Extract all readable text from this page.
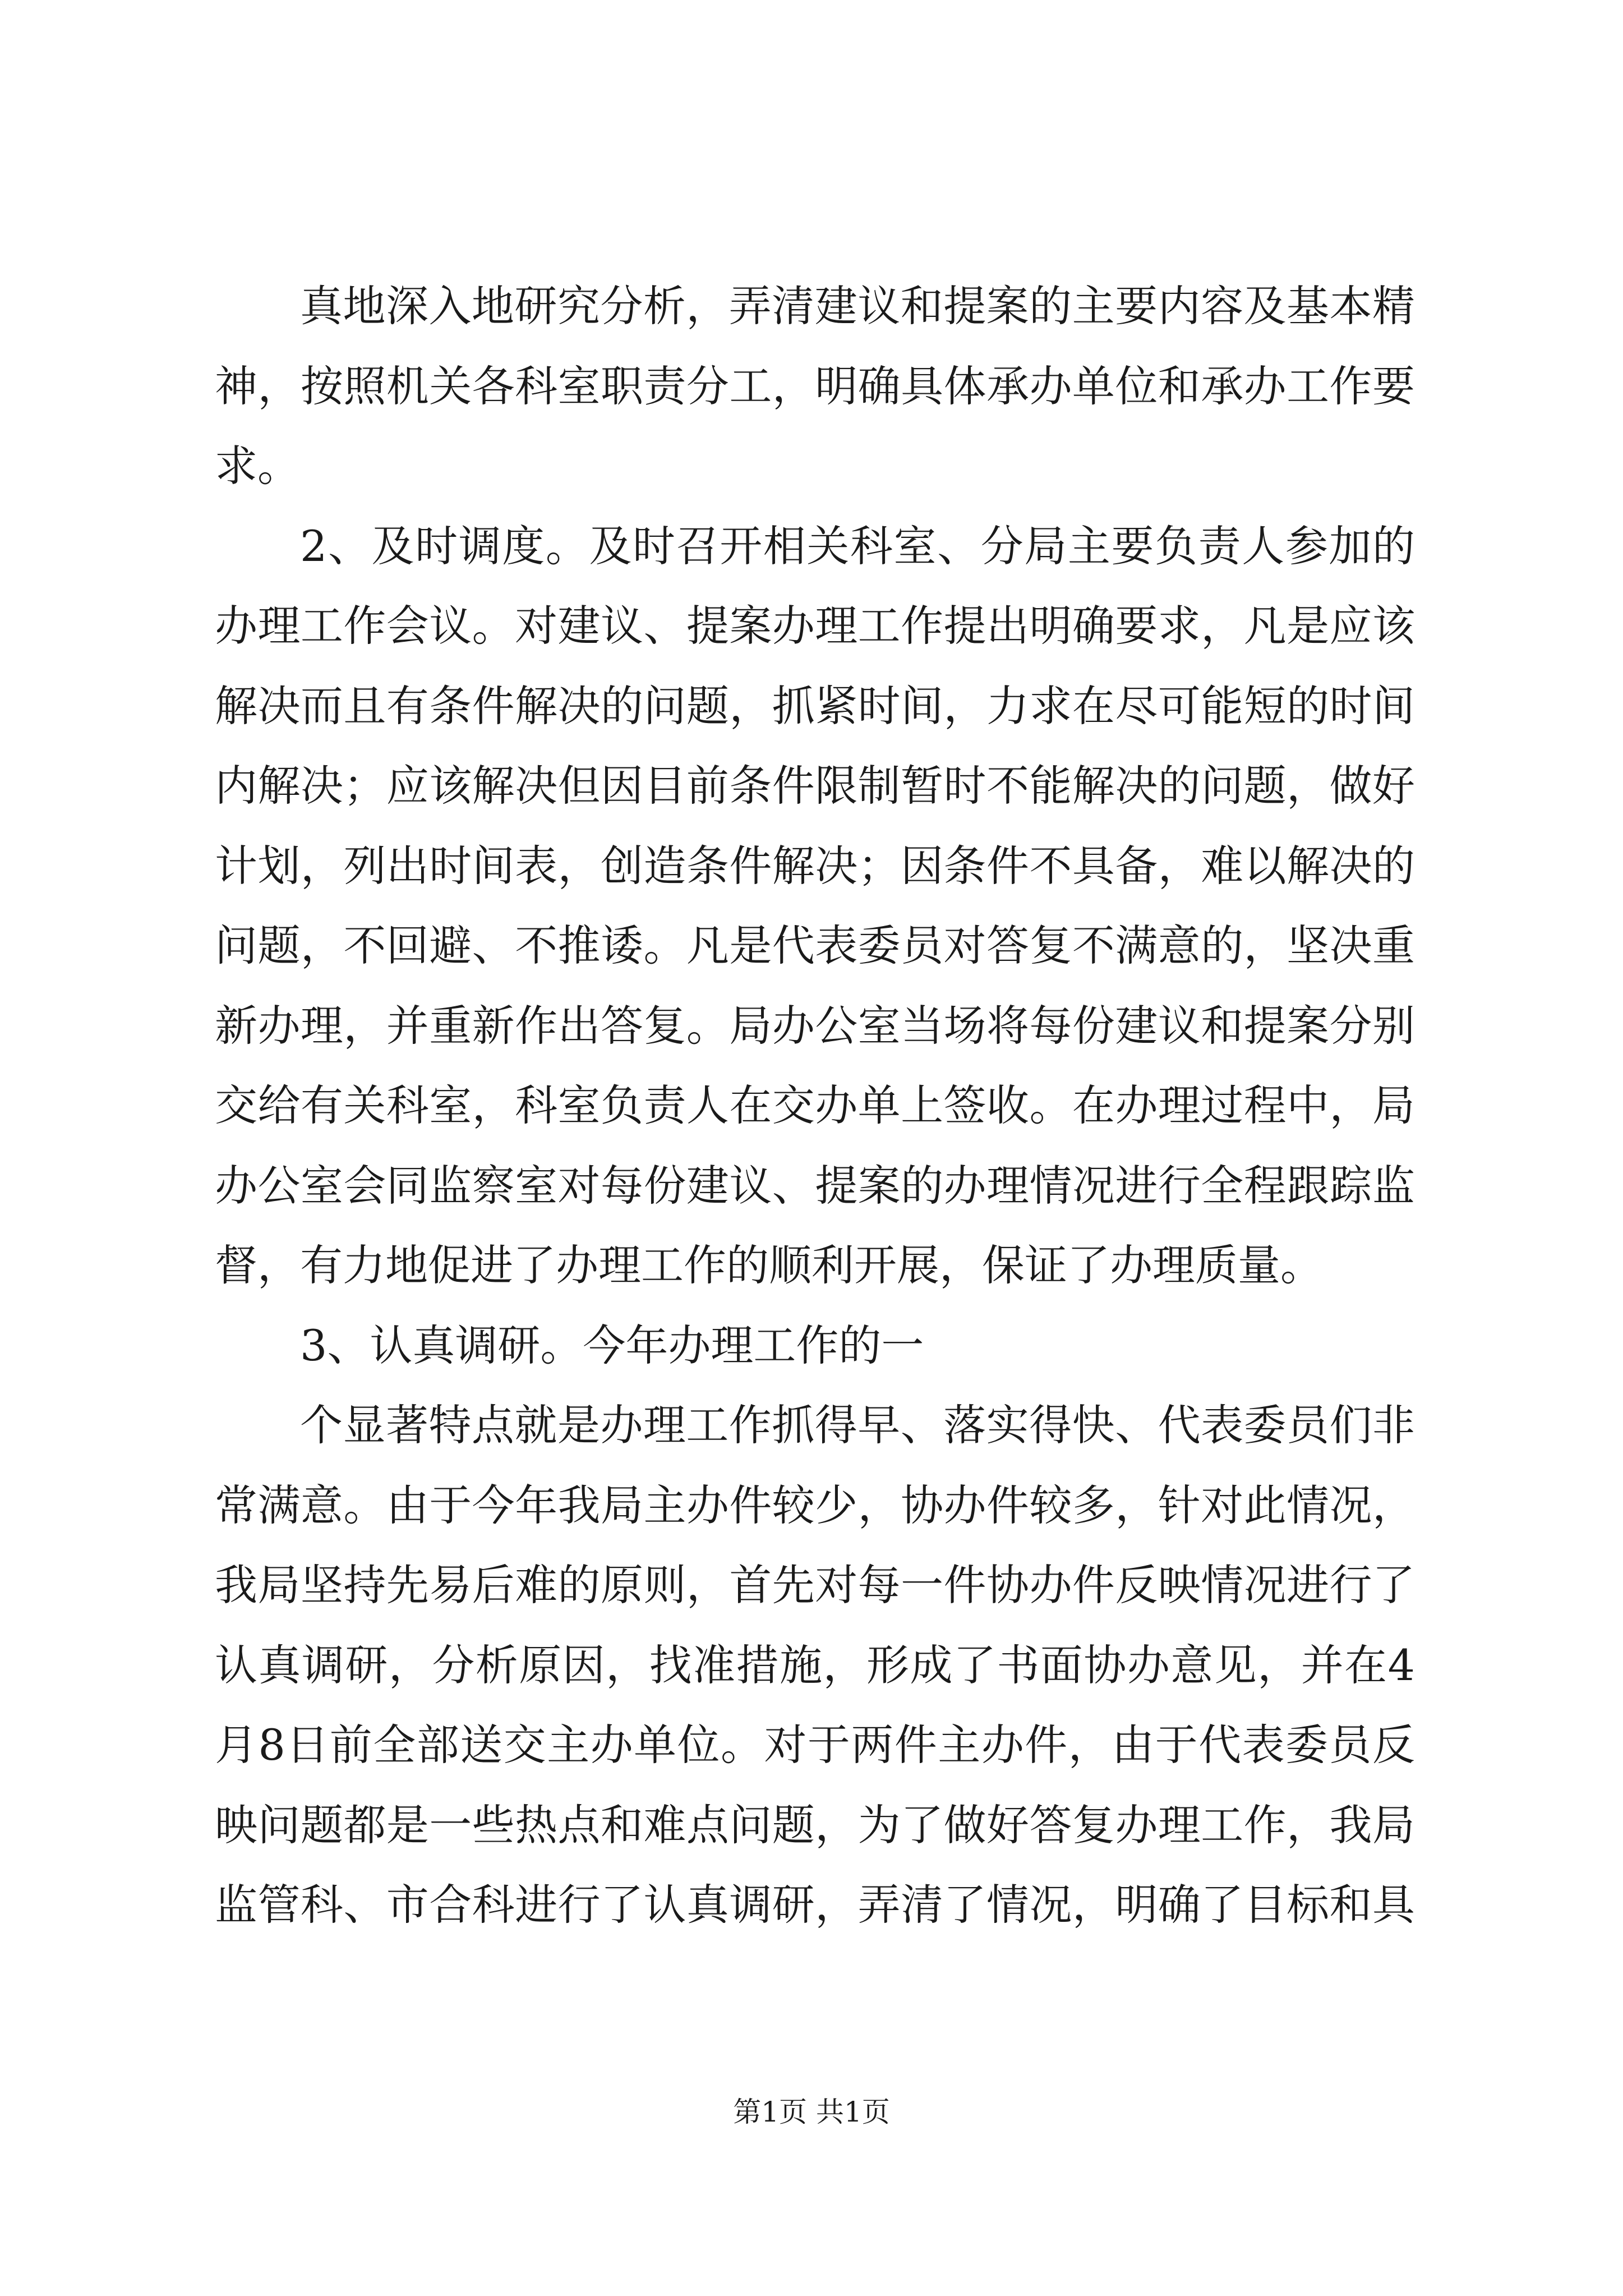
真地深入地研究分析，弄清建议和提案的主要内容及基本精
神，按照机关各科室职责分工，明确具体承办单位和承办工作要
求。
2、及时调度。及时召开相关科室、分局主要负责人参加的
办理工作会议。对建议、提案办理工作提出明确要求，凡是应该
解决而且有条件解决的问题，抓紧时间，力求在尽可能短的时间
内解决；应该解决但因目前条件限制暂时不能解决的问题，做好
计划，列出时间表，创造条件解决；因条件不具备，难以解决的
问题，不回避、不推诿。凡是代表委员对答复不满意的，坚决重
新办理，并重新作出答复。局办公室当场将每份建议和提案分别
交给有关科室，科室负责人在交办单上签收。在办理过程中，局
办公室会同监察室对每份建议、提案的办理情况进行全程跟踪监
督，有力地促进了办理工作的顺利开展，保证了办理质量。
3、认真调研。今年办理工作的一
个显著特点就是办理工作抓得早、落实得快、代表委员们非
常满意。由于今年我局主办件较少，协办件较多，针对此情况，
我局坚持先易后难的原则，首先对每一件协办件反映情况进行了
认真调研，分析原因，找准措施，形成了书面协办意见，并在4
月8日前全部送交主办单位。对于两件主办件，由于代表委员反
映问题都是一些热点和难点问题，为了做好答复办理工作，我局
监管科、市合科进行了认真调研，弄清了情况，明确了目标和具
第1页 共1页
